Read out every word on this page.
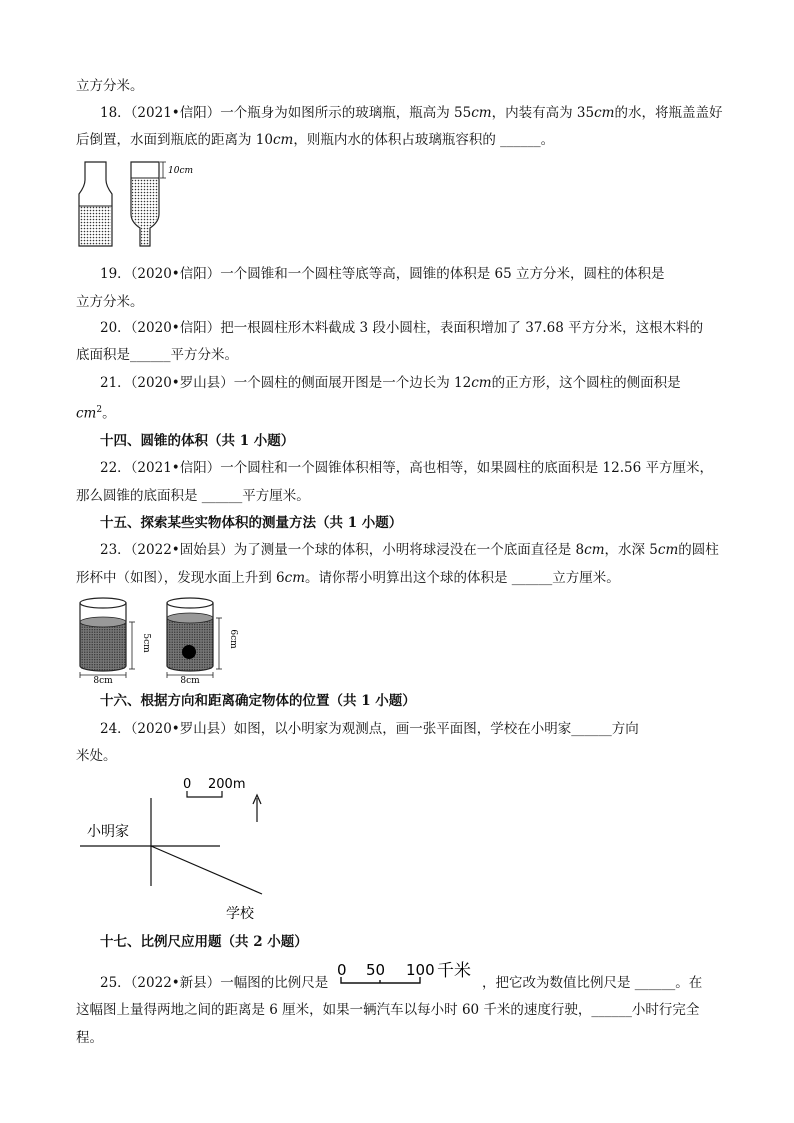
立方分米。
18．（2021•信阳）一个瓶身为如图所示的玻璃瓶，瓶高为 55cm，内装有高为 35cm的水，将瓶盖盖好
后倒置，水面到瓶底的距离为 10cm，则瓶内水的体积占玻璃瓶容积的 ______。
10cm
19．（2020•信阳）一个圆锥和一个圆柱等底等高，圆锥的体积是 65 立方分米，圆柱的体积是
立方分米。
20．（2020•信阳）把一根圆柱形木料截成 3 段小圆柱，表面积增加了 37.68 平方分米，这根木料的
底面积是______平方分米。
21．（2020•罗山县）一个圆柱的侧面展开图是一个边长为 12cm的正方形，这个圆柱的侧面积是
$cm^2$。
十四、圆锥的体积（共 1 小题）
22．（2021•信阳）一个圆柱和一个圆锥体积相等，高也相等，如果圆柱的底面积是 12.56 平方厘米，
那么圆锥的底面积是 ______平方厘米。
十五、探索某些实物体积的测量方法（共 1 小题）
23．（2022•固始县）为了测量一个球的体积，小明将球浸没在一个底面直径是 8cm，水深 5cm的圆柱
形杯中（如图），发现水面上升到 6cm。请你帮小明算出这个球的体积是 ______立方厘米。
5cm
8cm
6cm
8cm
十六、根据方向和距离确定物体的位置（共 1 小题）
24．（2020•罗山县）如图，以小明家为观测点，画一张平面图，学校在小明家______方向
米处。
0 200m
小明家
学校
十七、比例尺应用题（共 2 小题）
25．（2022•新县）一幅图的比例尺是
0 50 100 千米
，把它改为数值比例尺是 ______。在
这幅图上量得两地之间的距离是 6 厘米，如果一辆汽车以每小时 60 千米的速度行驶，______小时行完全
程。
